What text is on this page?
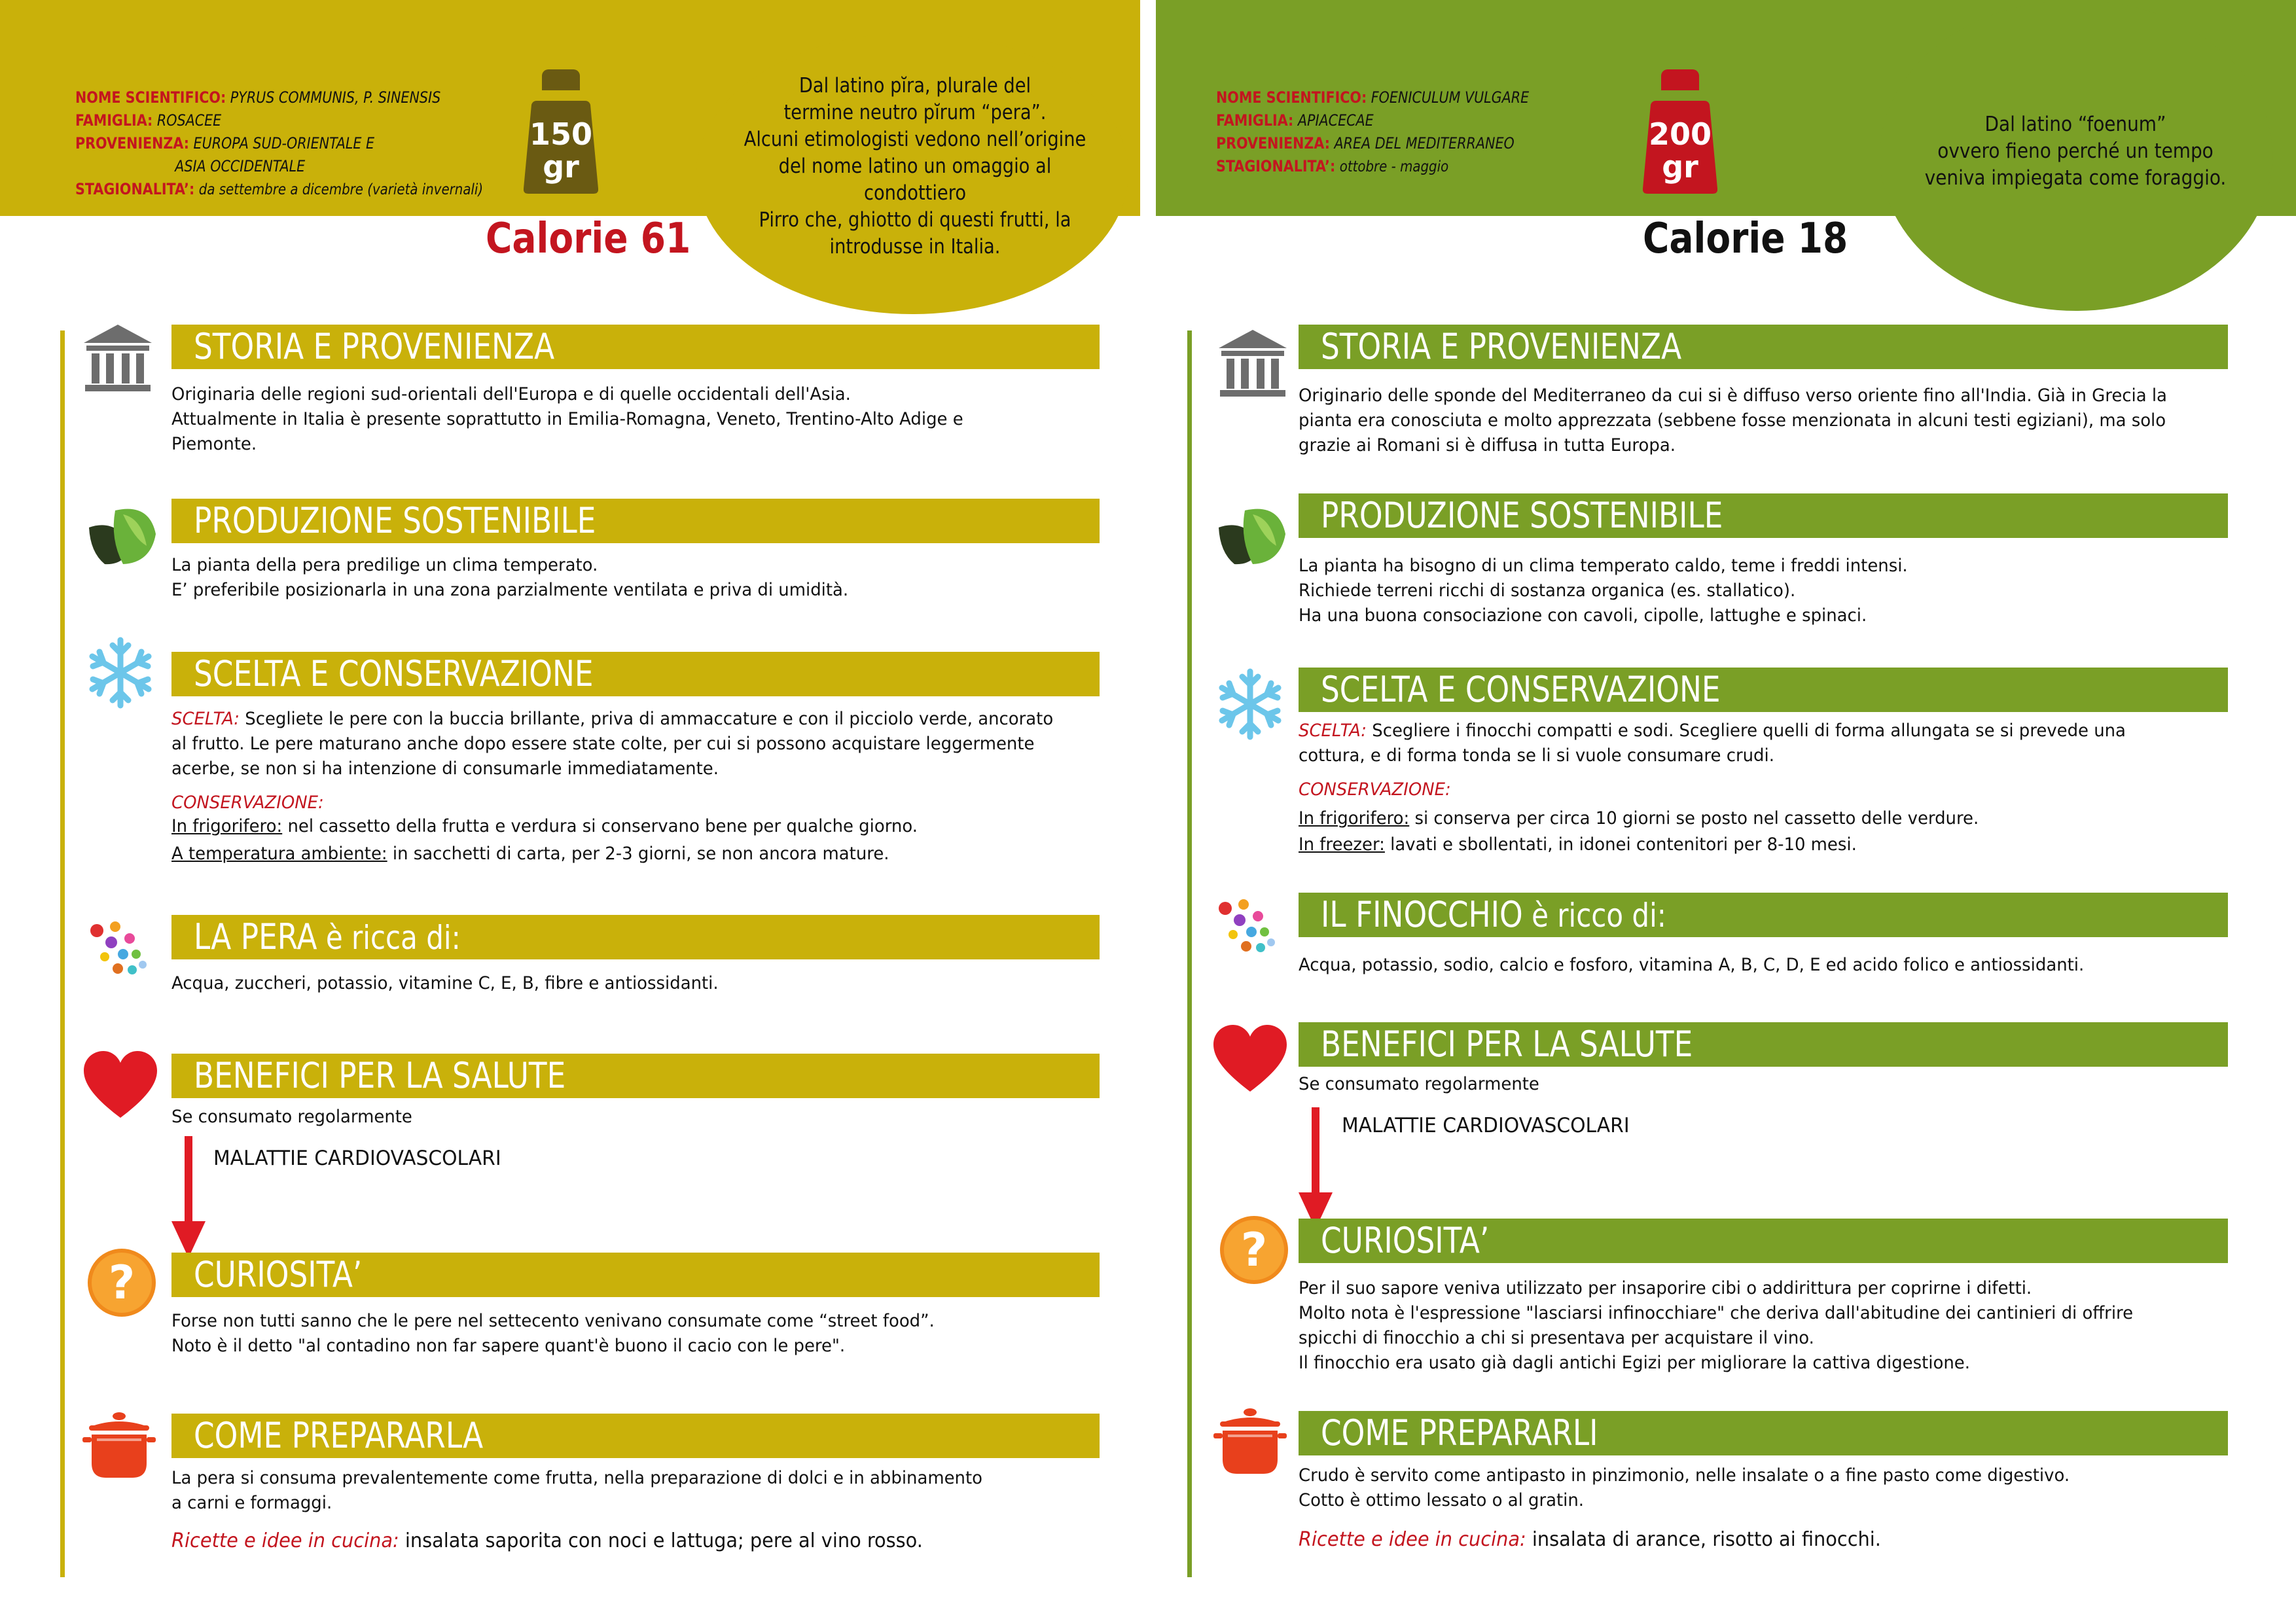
Dal latino pĭra, plurale del
termine neutro pĭrum “pera”.
Alcuni etimologisti vedono nell’origine
del nome latino un omaggio al condottiero
Pirro che, ghiotto di questi frutti, la
introdusse in Italia.
NOME SCIENTIFICO: PYRUS COMMUNIS, P. SINENSIS
FAMIGLIA: ROSACEE
PROVENIENZA: EUROPA SUD-ORIENTALE E
ASIA OCCIDENTALE
STAGIONALITA’: da settembre a dicembre (varietà invernali)
150
gr
Calorie 61
STORIA E PROVENIENZA
Originaria delle regioni sud-orientali dell'Europa e di quelle occidentali dell'Asia.
Attualmente in Italia è presente soprattutto in Emilia-Romagna, Veneto, Trentino-Alto Adige e
Piemonte.
PRODUZIONE SOSTENIBILE
La pianta della pera predilige un clima temperato.
E’ preferibile posizionarla in una zona parzialmente ventilata e priva di umidità.
SCELTA E CONSERVAZIONE
SCELTA: Scegliete le pere con la buccia brillante, priva di ammaccature e con il picciolo verde, ancorato
al frutto. Le pere maturano anche dopo essere state colte, per cui si possono acquistare leggermente
acerbe, se non si ha intenzione di consumarle immediatamente.
CONSERVAZIONE:
In frigorifero: nel cassetto della frutta e verdura si conservano bene per qualche giorno.
A temperatura ambiente: in sacchetti di carta, per 2-3 giorni, se non ancora mature.
LA PERA è ricca di:
Acqua, zuccheri, potassio, vitamine C, E, B, fibre e antiossidanti.
BENEFICI PER LA SALUTE
Se consumato regolarmente
MALATTIE CARDIOVASCOLARI
? CURIOSITA’
Forse non tutti sanno che le pere nel settecento venivano consumate come “street food”.
Noto è il detto "al contadino non far sapere quant'è buono il cacio con le pere".
COME PREPARARLA
La pera si consuma prevalentemente come frutta, nella preparazione di dolci e in abbinamento
a carni e formaggi.
Ricette e idee in cucina: insalata saporita con noci e lattuga; pere al vino rosso.
Dal latino “foenum”
ovvero fieno perché un tempo
veniva impiegata come foraggio.
NOME SCIENTIFICO: FOENICULUM VULGARE
FAMIGLIA: APIACECAE
PROVENIENZA: AREA DEL MEDITERRANEO
STAGIONALITA’: ottobre - maggio
200
gr
Calorie 18
STORIA E PROVENIENZA
Originario delle sponde del Mediterraneo da cui si è diffuso verso oriente fino all'India. Già in Grecia la
pianta era conosciuta e molto apprezzata (sebbene fosse menzionata in alcuni testi egiziani), ma solo
grazie ai Romani si è diffusa in tutta Europa.
PRODUZIONE SOSTENIBILE
La pianta ha bisogno di un clima temperato caldo, teme i freddi intensi.
Richiede terreni ricchi di sostanza organica (es. stallatico).
Ha una buona consociazione con cavoli, cipolle, lattughe e spinaci.
SCELTA E CONSERVAZIONE
SCELTA: Scegliere i finocchi compatti e sodi. Scegliere quelli di forma allungata se si prevede una
cottura, e di forma tonda se li si vuole consumare crudi.
CONSERVAZIONE:
In frigorifero: si conserva per circa 10 giorni se posto nel cassetto delle verdure.
In freezer: lavati e sbollentati, in idonei contenitori per 8-10 mesi.
IL FINOCCHIO è ricco di:
Acqua, potassio, sodio, calcio e fosforo, vitamina A, B, C, D, E ed acido folico e antiossidanti.
BENEFICI PER LA SALUTE
Se consumato regolarmente
MALATTIE CARDIOVASCOLARI
? CURIOSITA’
Per il suo sapore veniva utilizzato per insaporire cibi o addirittura per coprirne i difetti.
Molto nota è l'espressione "lasciarsi infinocchiare" che deriva dall'abitudine dei cantinieri di offrire
spicchi di finocchio a chi si presentava per acquistare il vino.
Il finocchio era usato già dagli antichi Egizi per migliorare la cattiva digestione.
COME PREPARARLI
Crudo è servito come antipasto in pinzimonio, nelle insalate o a fine pasto come digestivo.
Cotto è ottimo lessato o al gratin.
Ricette e idee in cucina: insalata di arance, risotto ai finocchi.
